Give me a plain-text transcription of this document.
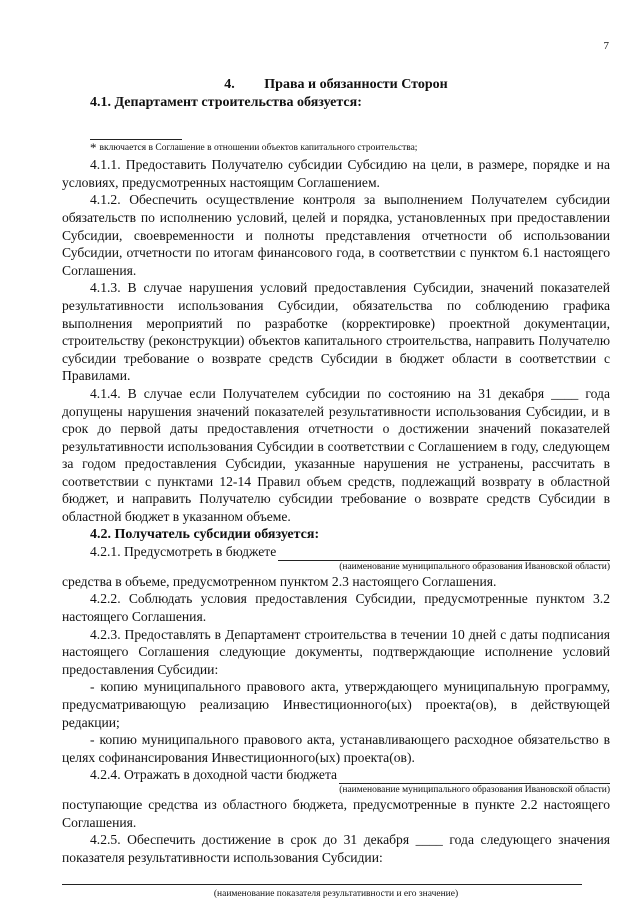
7

4. Права и обязанности Сторон

4.1. Департамент строительства обязуется:

* включается в Соглашение в отношении объектов капитального строительства;

4.1.1. Предоставить Получателю субсидии Субсидию на цели, в размере, порядке и на условиях, предусмотренных настоящим Соглашением.

4.1.2. Обеспечить осуществление контроля за выполнением Получателем субсидии обязательств по исполнению условий, целей и порядка, установленных при предоставлении Субсидии, своевременности и полноты представления отчетности об использовании Субсидии, отчетности по итогам финансового года, в соответствии с пунктом 6.1 настоящего Соглашения.

4.1.3. В случае нарушения условий предоставления Субсидии, значений показателей результативности использования Субсидии, обязательства по соблюдению графика выполнения мероприятий по разработке (корректировке) проектной документации, строительству (реконструкции) объектов капитального строительства, направить Получателю субсидии требование о возврате средств Субсидии в бюджет области в соответствии с Правилами.

4.1.4. В случае если Получателем субсидии по состоянию на 31 декабря ____ года допущены нарушения значений показателей результативности использования Субсидии, и в срок до первой даты предоставления отчетности о достижении значений показателей результативности использования Субсидии в соответствии с Соглашением в году, следующем за годом предоставления Субсидии, указанные нарушения не устранены, рассчитать в соответствии с пунктами 12-14 Правил объем средств, подлежащий возврату в областной бюджет, и направить Получателю субсидии требование о возврате средств Субсидии в областной бюджет в указанном объеме.

4.2. Получатель субсидии обязуется:

4.2.1. Предусмотреть в бюджете

(наименование муниципального образования Ивановской области)

средства в объеме, предусмотренном пунктом 2.3 настоящего Соглашения.

4.2.2. Соблюдать условия предоставления Субсидии, предусмотренные пунктом 3.2 настоящего Соглашения.

4.2.3. Предоставлять в Департамент строительства в течении 10 дней с даты подписания настоящего Соглашения следующие документы, подтверждающие исполнение условий предоставления Субсидии:

- копию муниципального правового акта, утверждающего муниципальную программу, предусматривающую реализацию Инвестиционного(ых) проекта(ов), в действующей редакции;

- копию муниципального правового акта, устанавливающего расходное обязательство в целях софинансирования Инвестиционного(ых) проекта(ов).

4.2.4. Отражать в доходной части бюджета

(наименование муниципального образования Ивановской области)

поступающие средства из областного бюджета, предусмотренные в пункте 2.2 настоящего Соглашения.

4.2.5. Обеспечить достижение в срок до 31 декабря ____ года следующего значения показателя результативности использования Субсидии:

(наименование показателя результативности и его значение)
